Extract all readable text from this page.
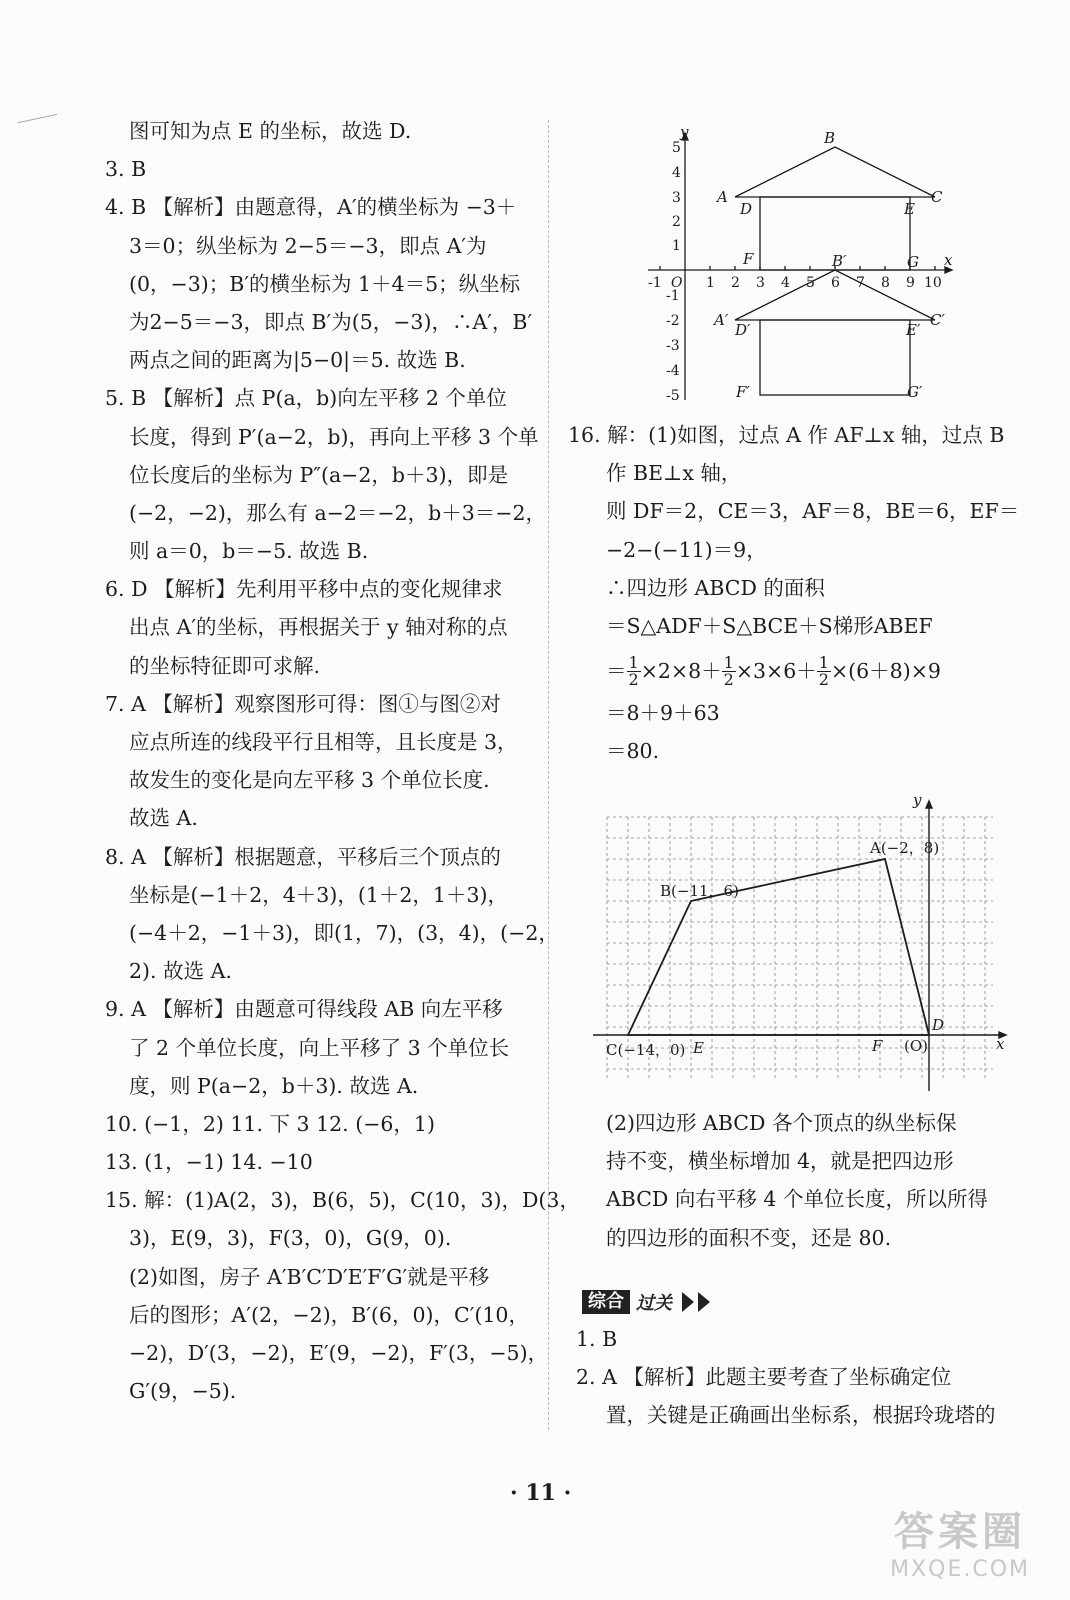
图可知为点 E 的坐标，故选 D.
3. B
4. B 【解析】由题意得，A′的横坐标为 −3＋
3＝0；纵坐标为 2−5＝−3，即点 A′为
(0，−3)；B′的横坐标为 1＋4＝5；纵坐标
为2−5＝−3，即点 B′为(5，−3)，∴A′，B′
两点之间的距离为|5−0|＝5. 故选 B.
5. B 【解析】点 P(a，b)向左平移 2 个单位
长度，得到 P′(a−2，b)，再向上平移 3 个单
位长度后的坐标为 P″(a−2，b＋3)，即是
(−2，−2)，那么有 a−2＝−2，b＋3＝−2，
则 a＝0，b＝−5. 故选 B.
6. D 【解析】先利用平移中点的变化规律求
出点 A′的坐标，再根据关于 y 轴对称的点
的坐标特征即可求解.
7. A 【解析】观察图形可得：图①与图②对
应点所连的线段平行且相等，且长度是 3，
故发生的变化是向左平移 3 个单位长度.
故选 A.
8. A 【解析】根据题意，平移后三个顶点的
坐标是(−1＋2，4＋3)，(1＋2，1＋3)，
(−4＋2，−1＋3)，即(1，7)，(3，4)，(−2，
2). 故选 A.
9. A 【解析】由题意可得线段 AB 向左平移
了 2 个单位长度，向上平移了 3 个单位长
度，则 P(a−2，b＋3). 故选 A.
10. (−1，2) 11. 下 3 12. (−6，1)
13. (1，−1) 14. −10
15. 解：(1)A(2，3)，B(6，5)，C(10，3)，D(3，
3)，E(9，3)，F(3，0)，G(9，0).
(2)如图，房子 A′B′C′D′E′F′G′就是平移
后的图形；A′(2，−2)，B′(6，0)，C′(10，
−2)，D′(3，−2)，E′(9，−2)，F′(3，−5)，
G′(9，−5).
y
x
-1 O 1 2 3 4 5 6 7 8 9 10
1
2
3
4
5
-1
-2
-3
-4
-5
A
B
C
D	E
F	G
A′
B′
C′
D′	E′
F′	G′
16. 解：(1)如图，过点 A 作 AF⊥x 轴，过点 B
作 BE⊥x 轴，
则 DF＝2，CE＝3，AF＝8，BE＝6，EF＝
−2−(−11)＝9，
∴四边形 ABCD 的面积
＝S△ADF＋S△BCE＋S梯形ABEF
＝ $\frac{1}{2} \times 2\times 8+ \frac{1}{2} \times 3\times 6+ \frac{1}{2} \times(6+8)\times 9$
＝8＋9＋63
＝80.
y
x
A(−2，8)
B(−11，6)
C(−14，0)
D
E	F (O)
(2)四边形 ABCD 各个顶点的纵坐标保
持不变，横坐标增加 4，就是把四边形
ABCD 向右平移 4 个单位长度，所以所得
的四边形的面积不变，还是 80.
综合 过关
1. B
2. A 【解析】此题主要考查了坐标确定位
置，关键是正确画出坐标系，根据玲珑塔的
· 11 ·
答案圈
MXQE.COM
